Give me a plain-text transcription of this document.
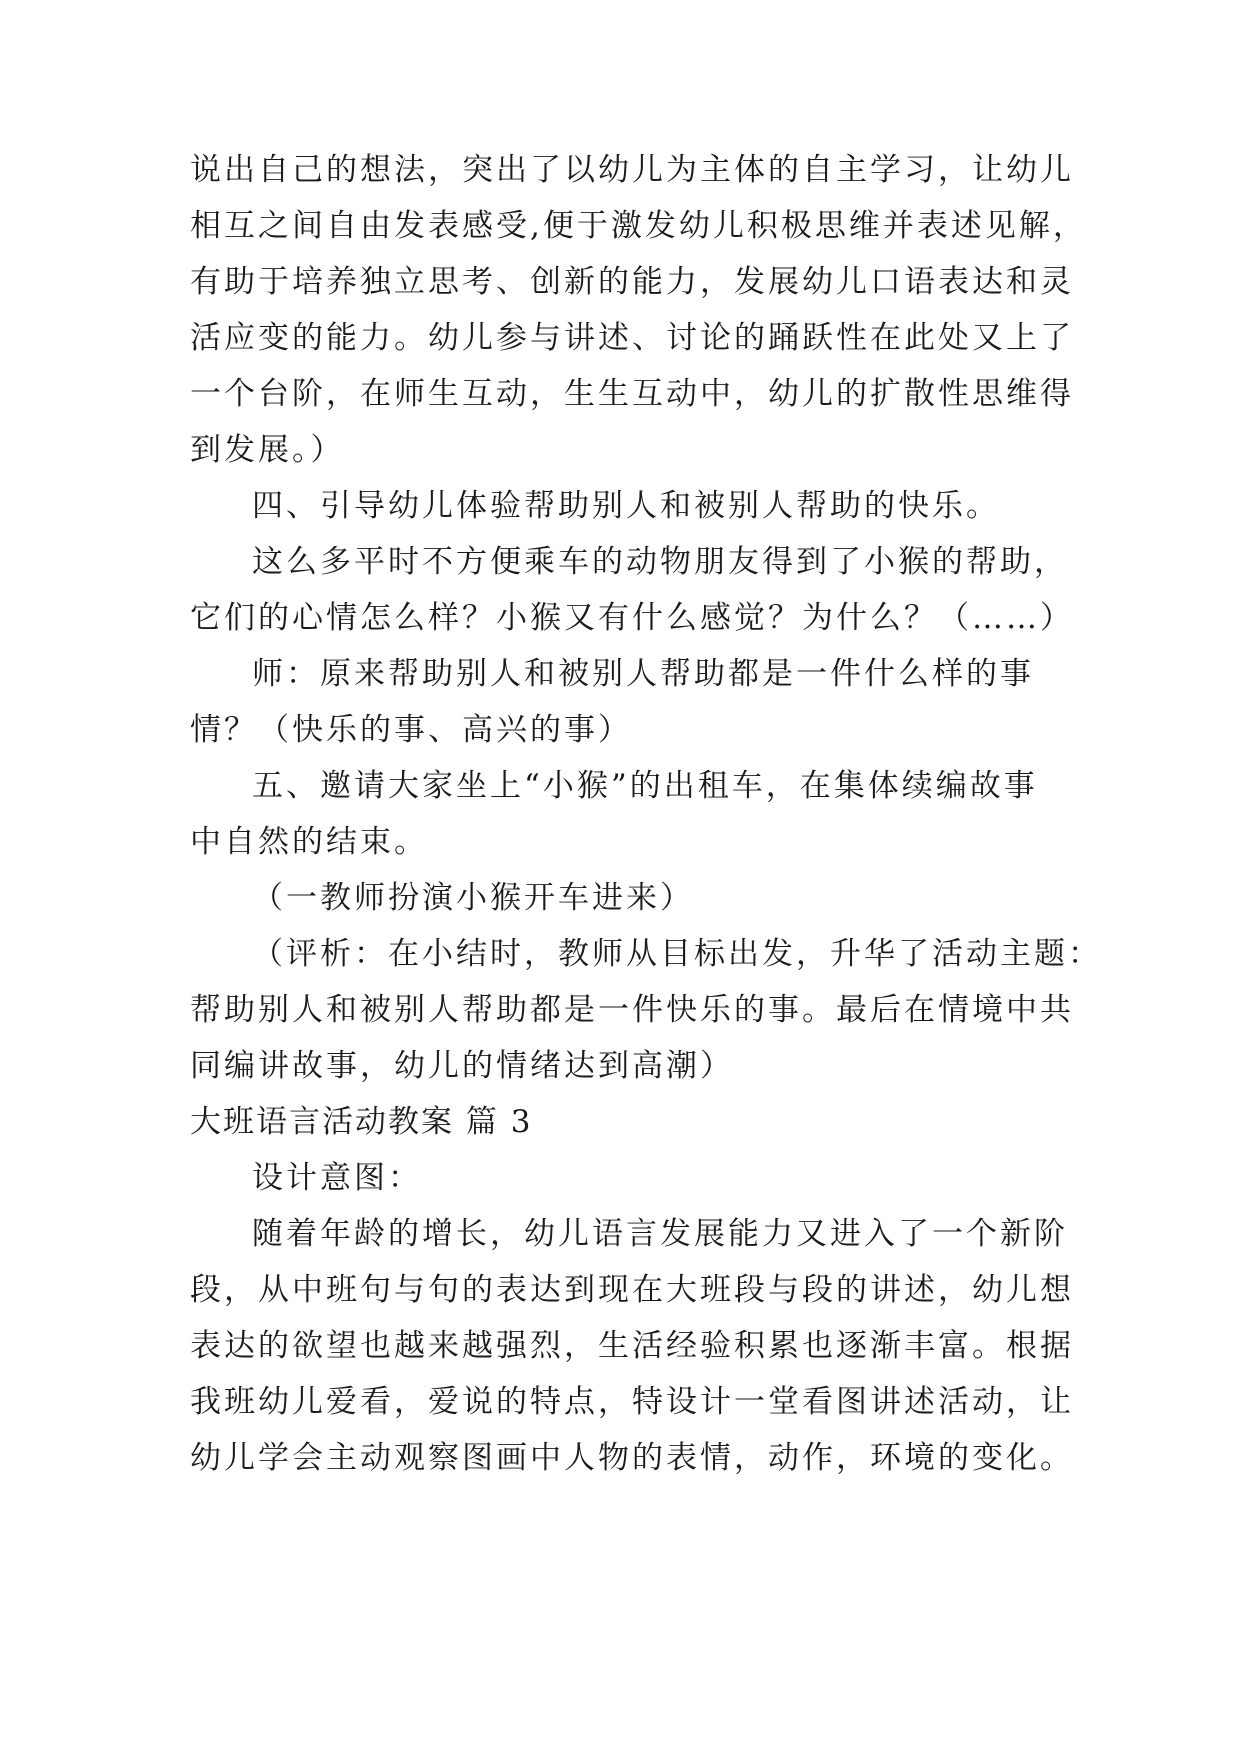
说出自己的想法，突出了以幼儿为主体的自主学习，让幼儿
相互之间自由发表感受,便于激发幼儿积极思维并表述见解，
有助于培养独立思考、创新的能力，发展幼儿口语表达和灵
活应变的能力。幼儿参与讲述、讨论的踊跃性在此处又上了
一个台阶，在师生互动，生生互动中，幼儿的扩散性思维得
到发展。）
四、引导幼儿体验帮助别人和被别人帮助的快乐。
这么多平时不方便乘车的动物朋友得到了小猴的帮助，
它们的心情怎么样？小猴又有什么感觉？为什么？（……）
师：原来帮助别人和被别人帮助都是一件什么样的事
情？（快乐的事、高兴的事）
五、邀请大家坐上“小猴”的出租车，在集体续编故事
中自然的结束。
（一教师扮演小猴开车进来）
（评析：在小结时，教师从目标出发，升华了活动主题：
帮助别人和被别人帮助都是一件快乐的事。最后在情境中共
同编讲故事，幼儿的情绪达到高潮）
大班语言活动教案 篇 3
设计意图：
随着年龄的增长，幼儿语言发展能力又进入了一个新阶
段，从中班句与句的表达到现在大班段与段的讲述，幼儿想
表达的欲望也越来越强烈，生活经验积累也逐渐丰富。根据
我班幼儿爱看，爱说的特点，特设计一堂看图讲述活动，让
幼儿学会主动观察图画中人物的表情，动作，环境的变化。
